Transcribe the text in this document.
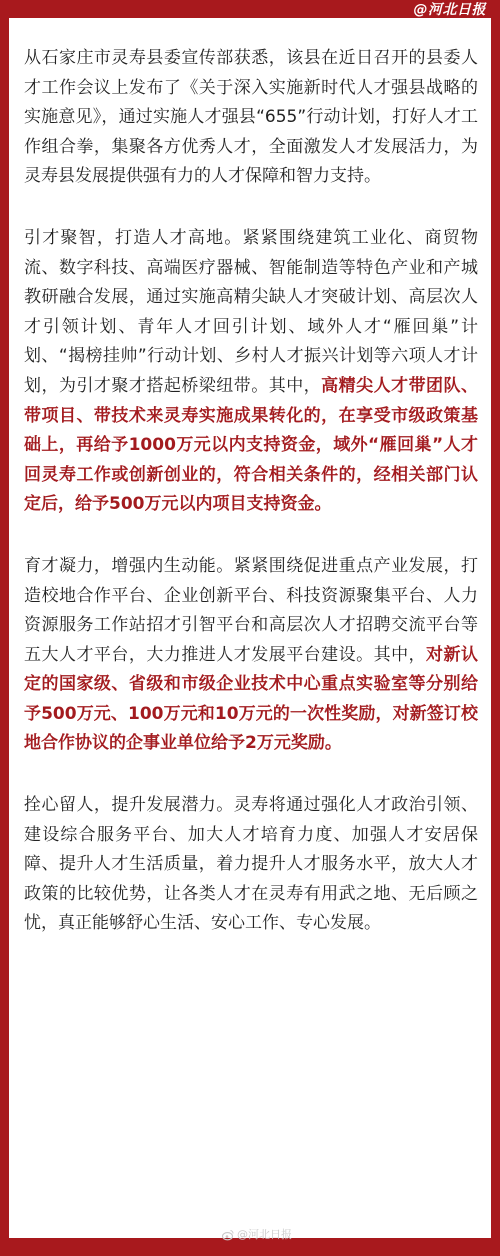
@河北日报

从石家庄市灵寿县委宣传部获悉，该县在近日召开的县委人才工作会议上发布了《关于深入实施新时代人才强县战略的实施意见》，通过实施人才强县“655”行动计划，打好人才工作组合拳，集聚各方优秀人才，全面激发人才发展活力，为灵寿县发展提供强有力的人才保障和智力支持。

引才聚智，打造人才高地。紧紧围绕建筑工业化、商贸物流、数字科技、高端医疗器械、智能制造等特色产业和产城教研融合发展，通过实施高精尖缺人才突破计划、高层次人才引领计划、青年人才回引计划、域外人才“雁回巢”计划、“揭榜挂帅”行动计划、乡村人才振兴计划等六项人才计划，为引才聚才搭起桥梁纽带。其中，高精尖人才带团队、带项目、带技术来灵寿实施成果转化的，在享受市级政策基础上，再给予1000万元以内支持资金，域外“雁回巢”人才回灵寿工作或创新创业的，符合相关条件的，经相关部门认定后，给予500万元以内项目支持资金。

育才凝力，增强内生动能。紧紧围绕促进重点产业发展，打造校地合作平台、企业创新平台、科技资源聚集平台、人力资源服务工作站招才引智平台和高层次人才招聘交流平台等五大人才平台，大力推进人才发展平台建设。其中，对新认定的国家级、省级和市级企业技术中心重点实验室等分别给予500万元、100万元和10万元的一次性奖励，对新签订校地合作协议的企事业单位给予2万元奖励。

拴心留人，提升发展潜力。灵寿将通过强化人才政治引领、建设综合服务平台、加大人才培育力度、加强人才安居保障、提升人才生活质量，着力提升人才服务水平，放大人才政策的比较优势，让各类人才在灵寿有用武之地、无后顾之忧，真正能够舒心生活、安心工作、专心发展。

@河北日报
